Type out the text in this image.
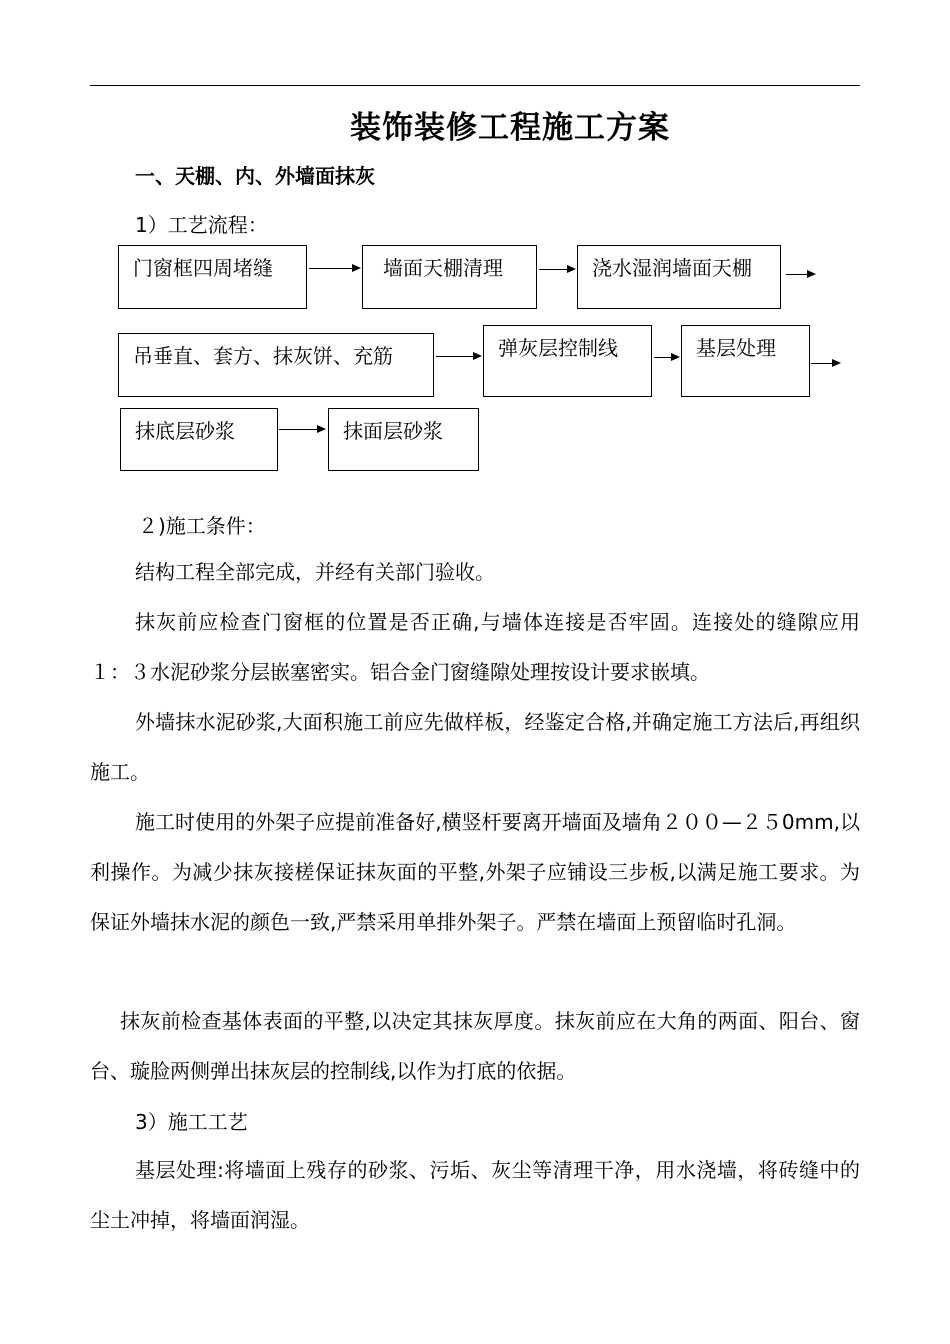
装饰装修工程施工方案
一、天棚、内、外墙面抹灰
1）工艺流程：
门窗框四周堵缝	墙面天棚清理	浇水湿润墙面天棚
吊垂直、套方、抹灰饼、充筋	弹灰层控制线	基层处理
抹底层砂浆	抹面层砂浆
２)施工条件：
结构工程全部完成，并经有关部门验收。
抹灰前应检查门窗框的位置是否正确,与墙体连接是否牢固。连接处的缝隙应用１：３水泥砂浆分层嵌塞密实。铝合金门窗缝隙处理按设计要求嵌填。
外墙抹水泥砂浆,大面积施工前应先做样板，经鉴定合格,并确定施工方法后,再组织施工。
施工时使用的外架子应提前准备好,横竖杆要离开墙面及墙角２００—２５0mm,以利操作。为减少抹灰接槎保证抹灰面的平整,外架子应铺设三步板,以满足施工要求。为保证外墙抹水泥的颜色一致,严禁采用单排外架子。严禁在墙面上预留临时孔洞。
抹灰前检查基体表面的平整,以决定其抹灰厚度。抹灰前应在大角的两面、阳台、窗台、璇脸两侧弹出抹灰层的控制线,以作为打底的依据。
3）施工工艺
基层处理:将墙面上残存的砂浆、污垢、灰尘等清理干净，用水浇墙，将砖缝中的尘土冲掉，将墙面润湿。
